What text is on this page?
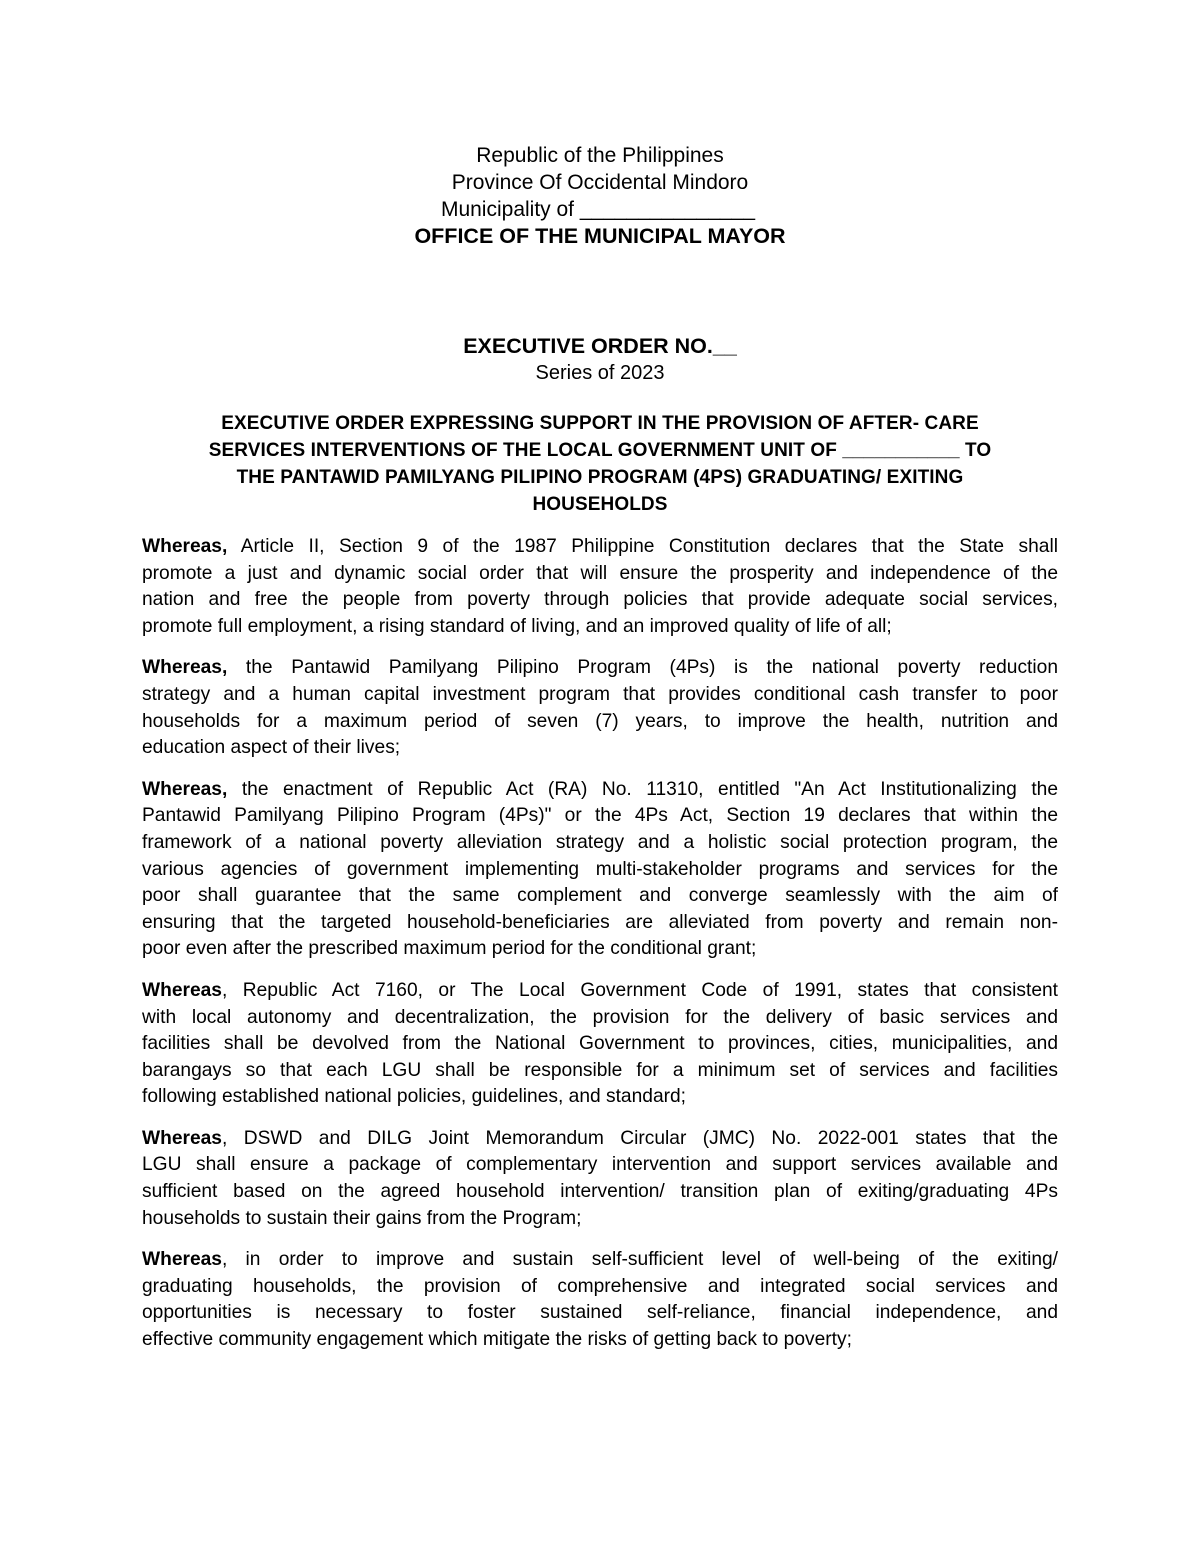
Republic of the Philippines
Province Of Occidental Mindoro
Municipality of _______________
OFFICE OF THE MUNICIPAL MAYOR
EXECUTIVE ORDER NO.__
Series of 2023
EXECUTIVE ORDER EXPRESSING SUPPORT IN THE PROVISION OF AFTER- CARE
SERVICES INTERVENTIONS OF THE LOCAL GOVERNMENT UNIT OF ___________ TO
THE PANTAWID PAMILYANG PILIPINO PROGRAM (4PS) GRADUATING/ EXITING
HOUSEHOLDS
Whereas, Article II, Section 9 of the 1987 Philippine Constitution declares that the State shall
promote a just and dynamic social order that will ensure the prosperity and independence of the
nation and free the people from poverty through policies that provide adequate social services,
promote full employment, a rising standard of living, and an improved quality of life of all;
Whereas, the Pantawid Pamilyang Pilipino Program (4Ps) is the national poverty reduction
strategy and a human capital investment program that provides conditional cash transfer to poor
households for a maximum period of seven (7) years, to improve the health, nutrition and
education aspect of their lives;
Whereas, the enactment of Republic Act (RA) No. 11310, entitled "An Act Institutionalizing the
Pantawid Pamilyang Pilipino Program (4Ps)" or the 4Ps Act, Section 19 declares that within the
framework of a national poverty alleviation strategy and a holistic social protection program, the
various agencies of government implementing multi-stakeholder programs and services for the
poor shall guarantee that the same complement and converge seamlessly with the aim of
ensuring that the targeted household-beneficiaries are alleviated from poverty and remain non-
poor even after the prescribed maximum period for the conditional grant;
Whereas, Republic Act 7160, or The Local Government Code of 1991, states that consistent
with local autonomy and decentralization, the provision for the delivery of basic services and
facilities shall be devolved from the National Government to provinces, cities, municipalities, and
barangays so that each LGU shall be responsible for a minimum set of services and facilities
following established national policies, guidelines, and standard;
Whereas, DSWD and DILG Joint Memorandum Circular (JMC) No. 2022-001 states that the
LGU shall ensure a package of complementary intervention and support services available and
sufficient based on the agreed household intervention/ transition plan of exiting/graduating 4Ps
households to sustain their gains from the Program;
Whereas, in order to improve and sustain self-sufficient level of well-being of the exiting/
graduating households, the provision of comprehensive and integrated social services and
opportunities is necessary to foster sustained self-reliance, financial independence, and
effective community engagement which mitigate the risks of getting back to poverty;
